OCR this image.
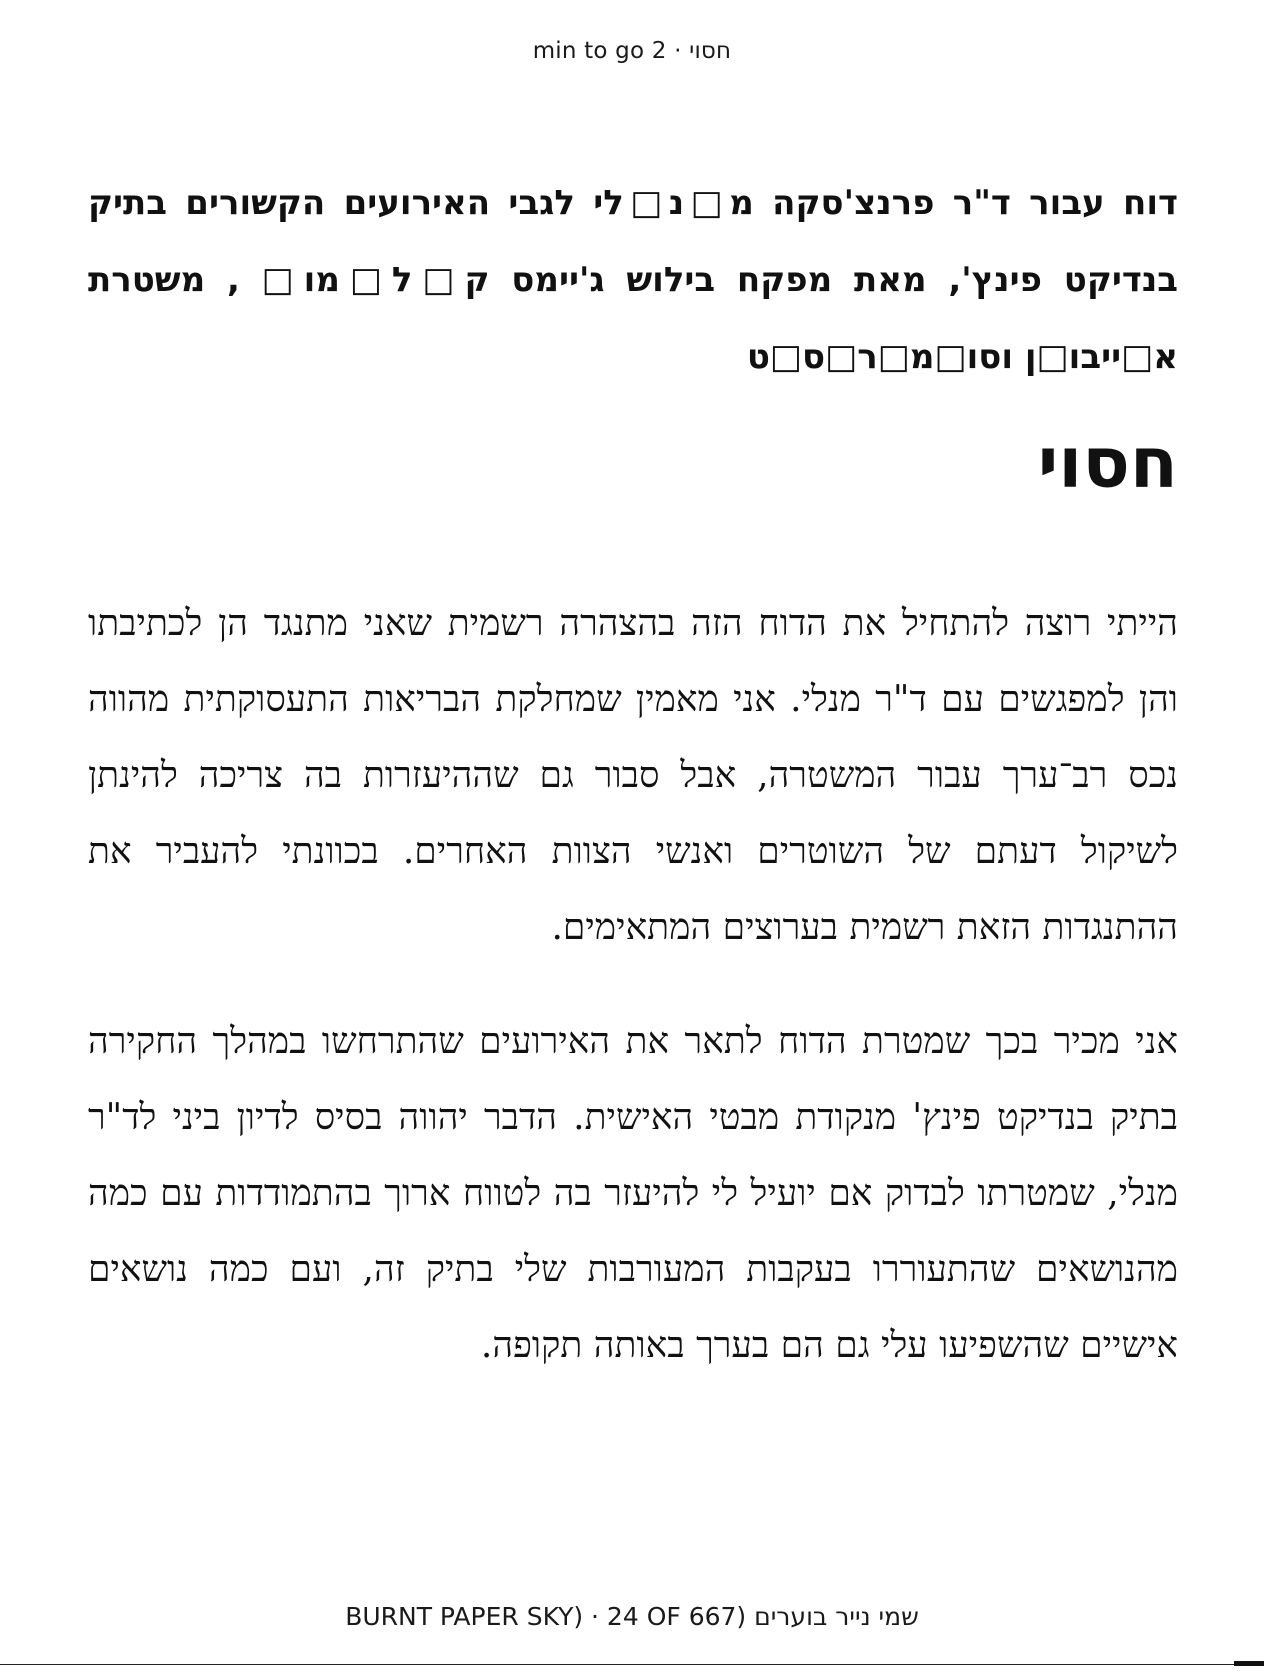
min to go 2 · חסוי

דוח עבור ד"ר פרנצ'סקה מ□נ□לי לגבי האירועים הקשורים בתיק בנדיקט פינץ', מאת מפקח בילוש ג'יימס ק□ל□מו□ , משטרת א□ייבו□ן וסו□מ□ר□ס□ט

חסוי

הייתי רוצה להתחיל את הדוח הזה בהצהרה רשמית שאני מתנגד הן לכתיבתו והן למפגשים עם ד"ר מנלי. אני מאמין שמחלקת הבריאות התעסוקתית מהווה נכס רב־ערך עבור המשטרה, אבל סבור גם שההיעזרות בה צריכה להינתן לשיקול דעתם של השוטרים ואנשי הצוות האחרים. בכוונתי להעביר את ההתנגדות הזאת רשמית בערוצים המתאימים.

אני מכיר בכך שמטרת הדוח לתאר את האירועים שהתרחשו במהלך החקירה בתיק בנדיקט פינץ' מנקודת מבטי האישית. הדבר יהווה בסיס לדיון ביני לד"ר מנלי, שמטרתו לבדוק אם יועיל לי להיעזר בה לטווח ארוך בהתמודדות עם כמה מהנושאים שהתעוררו בעקבות המעורבות שלי בתיק זה, ועם כמה נושאים אישיים שהשפיעו עלי גם הם בערך באותה תקופה.

BURNT PAPER SKY) · 24 OF 667) שמי נייר בוערים
